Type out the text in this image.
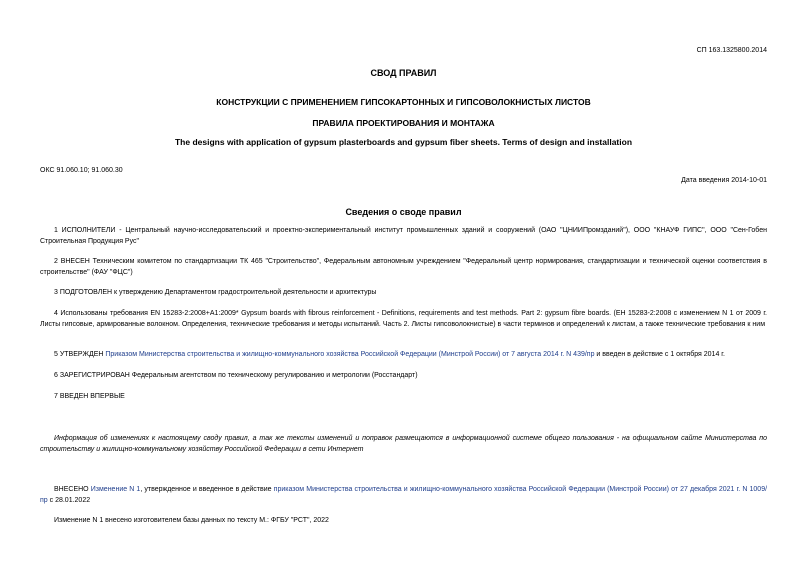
СП 163.1325800.2014
СВОД ПРАВИЛ
КОНСТРУКЦИИ С ПРИМЕНЕНИЕМ ГИПСОКАРТОННЫХ И ГИПСОВОЛОКНИСТЫХ ЛИСТОВ
ПРАВИЛА ПРОЕКТИРОВАНИЯ И МОНТАЖА
The designs with application of gypsum plasterboards and gypsum fiber sheets. Terms of design and installation
ОКС 91.060.10; 91.060.30
Дата введения 2014-10-01
Сведения о своде правил
1 ИСПОЛНИТЕЛИ - Центральный научно-исследовательский и проектно-экспериментальный институт промышленных зданий и сооружений (ОАО "ЦНИИПромзданий"), ООО "КНАУФ ГИПС", ООО "Сен-Гобен Строительная Продукция Рус"
2 ВНЕСЕН Техническим комитетом по стандартизации ТК 465 "Строительство", Федеральным автономным учреждением "Федеральный центр нормирования, стандартизации и технической оценки соответствия в строительстве" (ФАУ "ФЦС")
3 ПОДГОТОВЛЕН к утверждению Департаментом градостроительной деятельности и архитектуры
4 Использованы требования EN 15283-2:2008+A1:2009* Gypsum boards with fibrous reinforcement - Definitions, requirements and test methods. Part 2: gypsum fibre boards. (ЕН 15283-2:2008 с изменением N 1 от 2009 г. Листы гипсовые, армированные волокном. Определения, технические требования и методы испытаний. Часть 2. Листы гипсоволокнистые) в части терминов и определений к листам, а также технические требования к ним
5 УТВЕРЖДЕН Приказом Министерства строительства и жилищно-коммунального хозяйства Российской Федерации (Минстрой России) от 7 августа 2014 г. N 439/пр и введен в действие с 1 октября 2014 г.
6 ЗАРЕГИСТРИРОВАН Федеральным агентством по техническому регулированию и метрологии (Росстандарт)
7 ВВЕДЕН ВПЕРВЫЕ
Информация об изменениях к настоящему своду правил, а так же тексты изменений и поправок размещаются в информационной системе общего пользования - на официальном сайте Министерства по строительству и жилищно-коммунальному хозяйству Российской Федерации в сети Интернет
ВНЕСЕНО Изменение N 1, утвержденное и введенное в действие приказом Министерства строительства и жилищно-коммунального хозяйства Российской Федерации (Минстрой России) от 27 декабря 2021 г. N 1009/пр с 28.01.2022
Изменение N 1 внесено изготовителем базы данных по тексту М.: ФГБУ "РСТ", 2022
